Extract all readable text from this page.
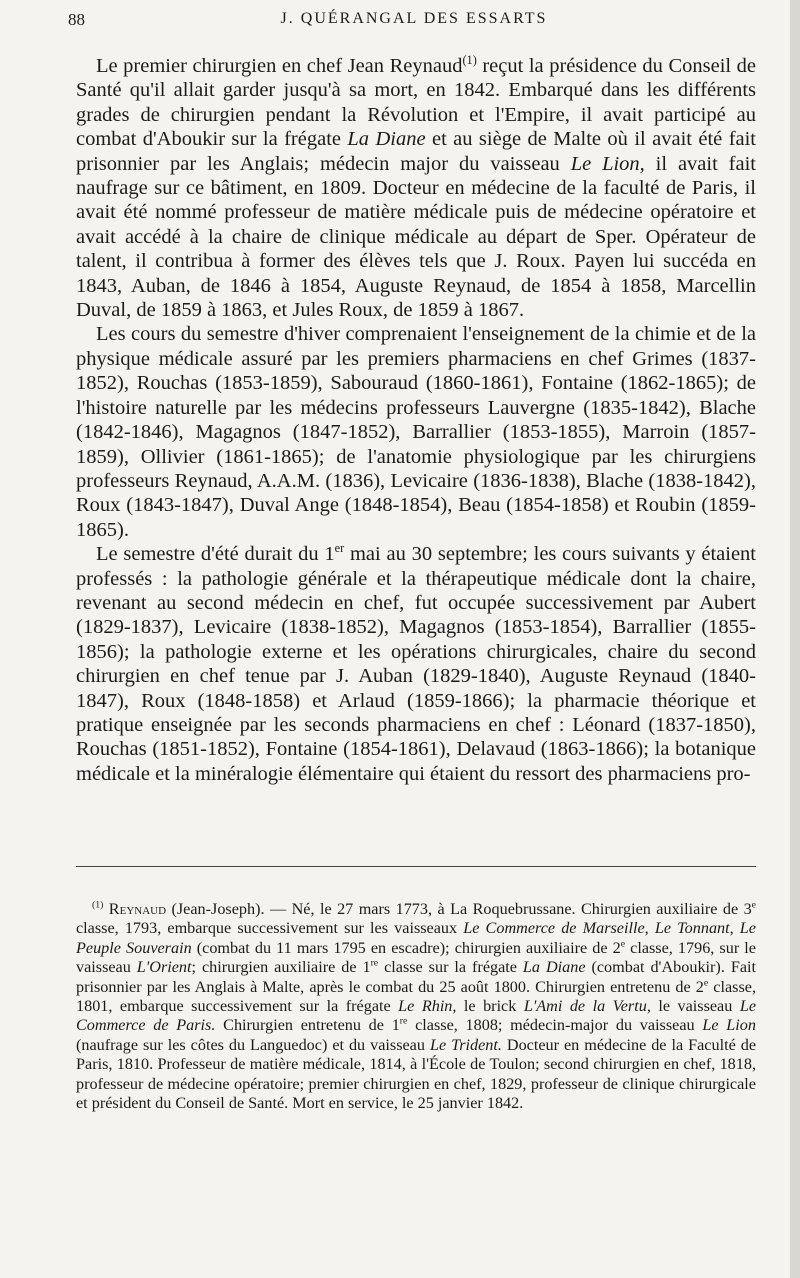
88	J. QUÉRANGAL DES ESSARTS

Le premier chirurgien en chef Jean Reynaud$^{(1)}$ reçut la présidence du Conseil de Santé qu'il allait garder jusqu'à sa mort, en 1842. Embarqué dans les différents grades de chirurgien pendant la Révolution et l'Empire, il avait participé au combat d'Aboukir sur la frégate La Diane et au siège de Malte où il avait été fait prisonnier par les Anglais; médecin major du vaisseau Le Lion, il avait fait naufrage sur ce bâtiment, en 1809. Docteur en médecine de la faculté de Paris, il avait été nommé professeur de matière médicale puis de médecine opératoire et avait accédé à la chaire de clinique médicale au départ de Sper. Opérateur de talent, il contribua à former des élèves tels que J. Roux. Payen lui succéda en 1843, Auban, de 1846 à 1854, Auguste Reynaud, de 1854 à 1858, Marcellin Duval, de 1859 à 1863, et Jules Roux, de 1859 à 1867.

Les cours du semestre d'hiver comprenaient l'enseignement de la chimie et de la physique médicale assuré par les premiers pharmaciens en chef Grimes (1837-1852), Rouchas (1853-1859), Sabouraud (1860-1861), Fontaine (1862-1865); de l'histoire naturelle par les médecins professeurs Lauvergne (1835-1842), Blache (1842-1846), Magagnos (1847-1852), Barrallier (1853-1855), Marroin (1857-1859), Ollivier (1861-1865); de l'anatomie physiologique par les chirurgiens professeurs Reynaud, A.A.M. (1836), Levicaire (1836-1838), Blache (1838-1842), Roux (1843-1847), Duval Ange (1848-1854), Beau (1854-1858) et Roubin (1859-1865).

Le semestre d'été durait du 1er mai au 30 septembre; les cours suivants y étaient professés : la pathologie générale et la thérapeutique médicale dont la chaire, revenant au second médecin en chef, fut occupée successivement par Aubert (1829-1837), Levicaire (1838-1852), Magagnos (1853-1854), Barrallier (1855-1856); la pathologie externe et les opérations chirurgicales, chaire du second chirurgien en chef tenue par J. Auban (1829-1840), Auguste Reynaud (1840-1847), Roux (1848-1858) et Arlaud (1859-1866); la pharmacie théorique et pratique enseignée par les seconds pharmaciens en chef : Léonard (1837-1850), Rouchas (1851-1852), Fontaine (1854-1861), Delavaud (1863-1866); la botanique médicale et la minéralogie élémentaire qui étaient du ressort des pharmaciens pro-

$^{(1)}$ Reynaud (Jean-Joseph). — Né, le 27 mars 1773, à La Roquebrussane. Chirurgien auxiliaire de 3e classe, 1793, embarque successivement sur les vaisseaux Le Commerce de Marseille, Le Tonnant, Le Peuple Souverain (combat du 11 mars 1795 en escadre); chirurgien auxiliaire de 2e classe, 1796, sur le vaisseau L'Orient; chirurgien auxiliaire de 1re classe sur la frégate La Diane (combat d'Aboukir). Fait prisonnier par les Anglais à Malte, après le combat du 25 août 1800. Chirurgien entretenu de 2e classe, 1801, embarque successivement sur la frégate Le Rhin, le brick L'Ami de la Vertu, le vaisseau Le Commerce de Paris. Chirurgien entretenu de 1re classe, 1808; médecin-major du vaisseau Le Lion (naufrage sur les côtes du Languedoc) et du vaisseau Le Trident. Docteur en médecine de la Faculté de Paris, 1810. Professeur de matière médicale, 1814, à l'École de Toulon; second chirurgien en chef, 1818, professeur de médecine opératoire; premier chirurgien en chef, 1829, professeur de clinique chirurgicale et président du Conseil de Santé. Mort en service, le 25 janvier 1842.
